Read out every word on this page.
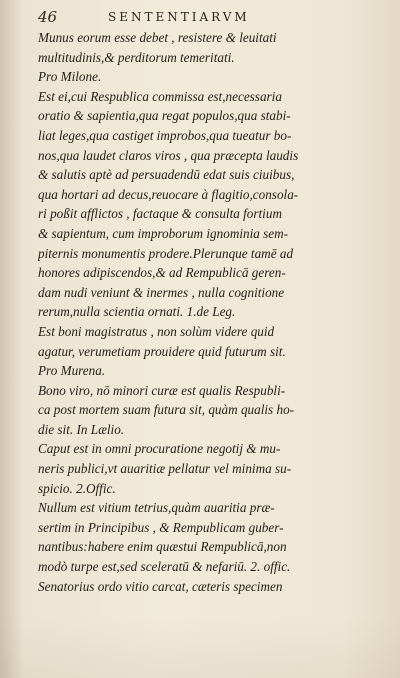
46	SENTENTIARVM
Munus eorum esse debet , resistere & leuitati
multitudinis,& perditorum temeritati.
Pro Milone.
Est ei,cui Respublica commissa est,necessaria
oratio & sapientia,qua regat populos,qua stabi-
liat leges,qua castiget improbos,qua tueatur bo-
nos,qua laudet claros viros , qua præcepta laudis
& salutis aptè ad persuadendū edat suis ciuibus,
qua hortari ad decus,reuocare à flagitio,consola-
ri poßit afflictos , factaque & consulta fortium
& sapientum, cum improborum ignominia sem-
piternis monumentis prodere.Plerunque tamē ad
honores adipiscendos,& ad Rempublicā geren-
dam nudi veniunt & inermes , nulla cognitione
rerum,nulla scientia ornati. 1.de Leg.
Est boni magistratus , non solùm videre quid
agatur, verumetiam prouidere quid futurum sit.
Pro Murena.
Bono viro, nō minori curæ est qualis Respubli-
ca post mortem suam futura sit, quàm qualis ho-
die sit. In Lælio.
Caput est in omni procuratione negotij & mu-
neris publici,vt auaritiæ pellatur vel minima su-
spicio. 2.Offic.
Nullum est vitium tetrius,quàm auaritia præ-
sertim in Principibus , & Rempublicam guber-
nantibus:habere enim quæstui Rempublicā,non
modò turpe est,sed sceleratū & nefariū. 2. offic.
Senatorius ordo vitio carcat, cæteris specimen
